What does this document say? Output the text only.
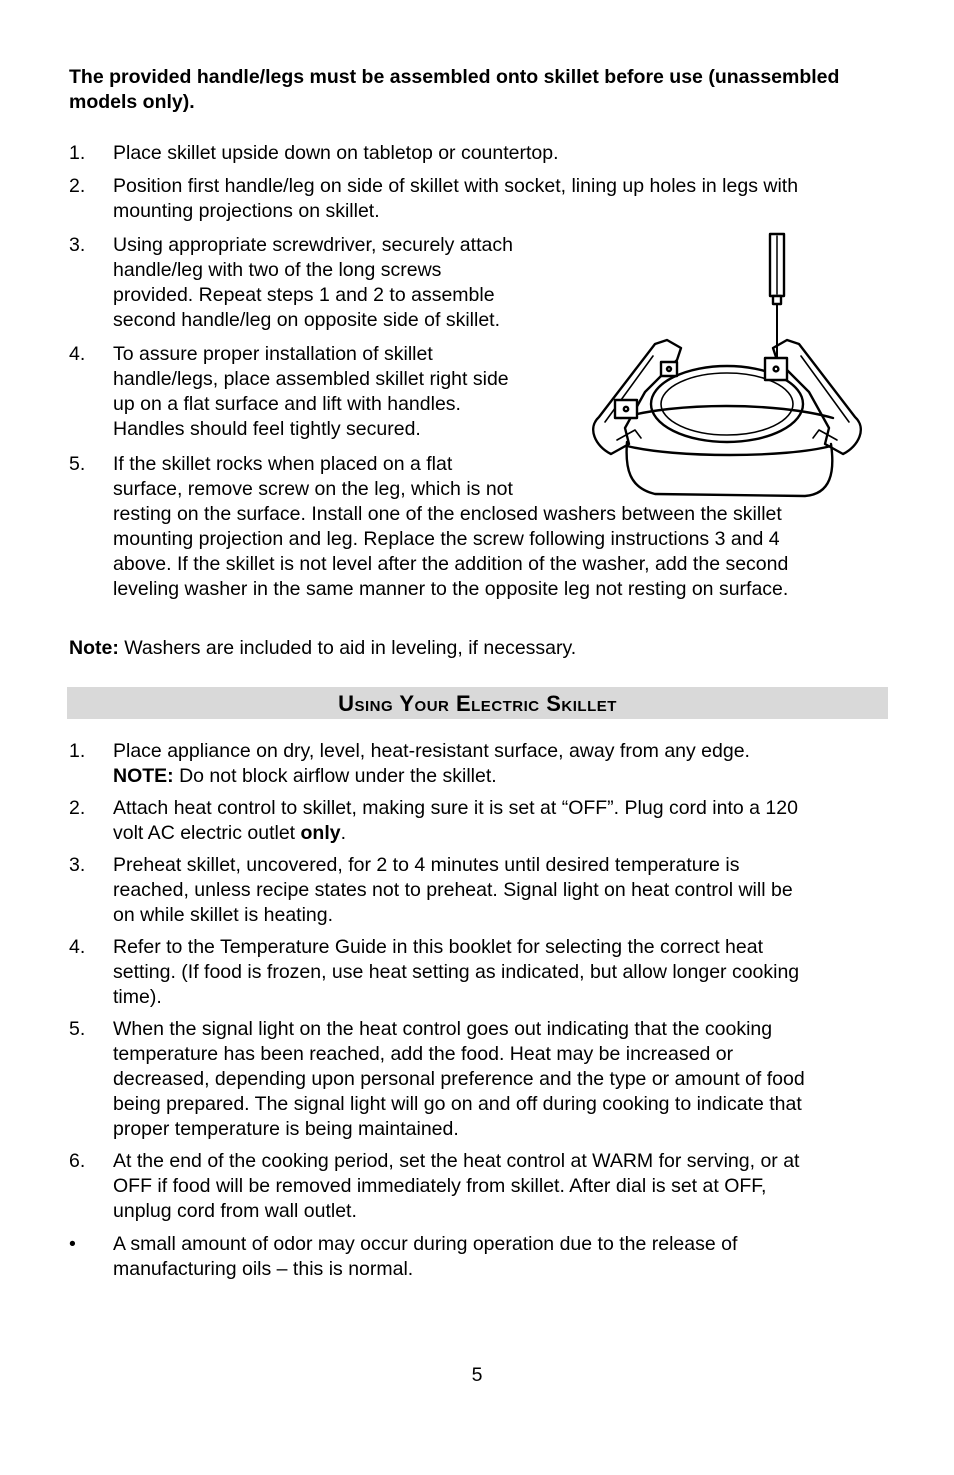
The provided handle/legs must be assembled onto skillet before use (unassembled models only).

1.	Place skillet upside down on tabletop or countertop.
2.	Position first handle/leg on side of skillet with socket, lining up holes in legs with
mounting projections on skillet.
3.	Using appropriate screwdriver, securely attach
handle/leg with two of the long screws
provided. Repeat steps 1 and 2 to assemble
second handle/leg on opposite side of skillet.
4.	To assure proper installation of skillet
handle/legs, place assembled skillet right side
up on a flat surface and lift with handles.
Handles should feel tightly secured.
5.	If the skillet rocks when placed on a flat
surface, remove screw on the leg, which is not
resting on the surface. Install one of the enclosed washers between the skillet
mounting projection and leg. Replace the screw following instructions 3 and 4
above. If the skillet is not level after the addition of the washer, add the second
leveling washer in the same manner to the opposite leg not resting on surface.
Note: Washers are included to aid in leveling, if necessary.
Using Your Electric Skillet
1.	Place appliance on dry, level, heat-resistant surface, away from any edge.
NOTE: Do not block airflow under the skillet.
2.	Attach heat control to skillet, making sure it is set at “OFF”. Plug cord into a 120
volt AC electric outlet only.
3.	Preheat skillet, uncovered, for 2 to 4 minutes until desired temperature is
reached, unless recipe states not to preheat. Signal light on heat control will be
on while skillet is heating.
4.	Refer to the Temperature Guide in this booklet for selecting the correct heat
setting. (If food is frozen, use heat setting as indicated, but allow longer cooking
time).
5.	When the signal light on the heat control goes out indicating that the cooking
temperature has been reached, add the food. Heat may be increased or
decreased, depending upon personal preference and the type or amount of food
being prepared. The signal light will go on and off during cooking to indicate that
proper temperature is being maintained.
6.	At the end of the cooking period, set the heat control at WARM for serving, or at
OFF if food will be removed immediately from skillet. After dial is set at OFF,
unplug cord from wall outlet.
•	A small amount of odor may occur during operation due to the release of
manufacturing oils – this is normal.
5
